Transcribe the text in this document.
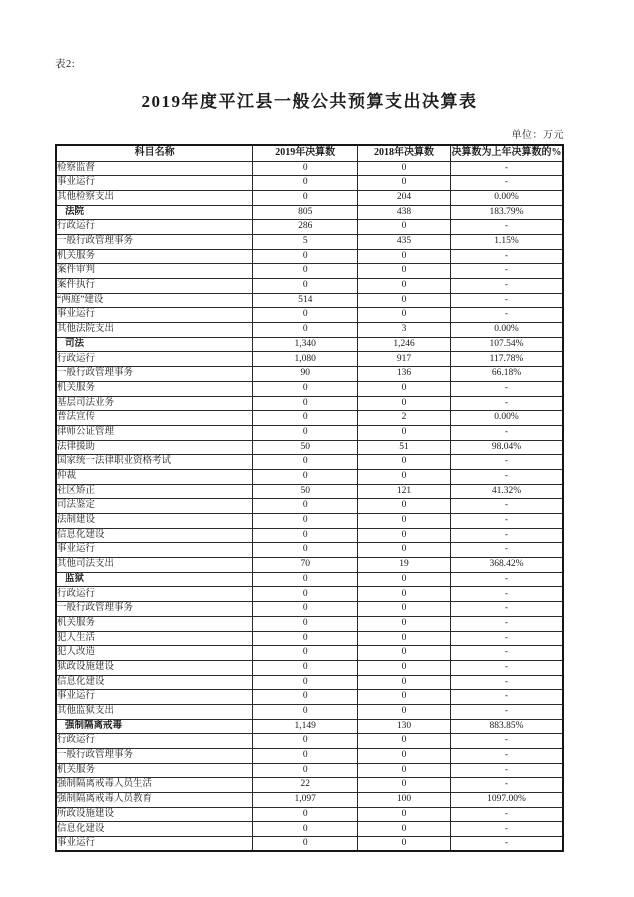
表2:
2019年度平江县一般公共预算支出决算表
单位：万元
科目名称	2019年决算数	2018年决算数	决算数为上年决算数的%
检察监督	0	0	-
事业运行	0	0	-
其他检察支出	0	204	0.00%
法院	805	438	183.79%
行政运行	286	0	-
一般行政管理事务	5	435	1.15%
机关服务	0	0	-
案件审判	0	0	-
案件执行	0	0	-
“两庭”建设	514	0	-
事业运行	0	0	-
其他法院支出	0	3	0.00%
司法	1,340	1,246	107.54%
行政运行	1,080	917	117.78%
一般行政管理事务	90	136	66.18%
机关服务	0	0	-
基层司法业务	0	0	-
普法宣传	0	2	0.00%
律师公证管理	0	0	-
法律援助	50	51	98.04%
国家统一法律职业资格考试	0	0	-
仲裁	0	0	-
社区矫正	50	121	41.32%
司法鉴定	0	0	-
法制建设	0	0	-
信息化建设	0	0	-
事业运行	0	0	-
其他司法支出	70	19	368.42%
监狱	0	0	-
行政运行	0	0	-
一般行政管理事务	0	0	-
机关服务	0	0	-
犯人生活	0	0	-
犯人改造	0	0	-
狱政设施建设	0	0	-
信息化建设	0	0	-
事业运行	0	0	-
其他监狱支出	0	0	-
强制隔离戒毒	1,149	130	883.85%
行政运行	0	0	-
一般行政管理事务	0	0	-
机关服务	0	0	-
强制隔离戒毒人员生活	22	0	-
强制隔离戒毒人员教育	1,097	100	1097.00%
所政设施建设	0	0	-
信息化建设	0	0	-
事业运行	0	0	-
